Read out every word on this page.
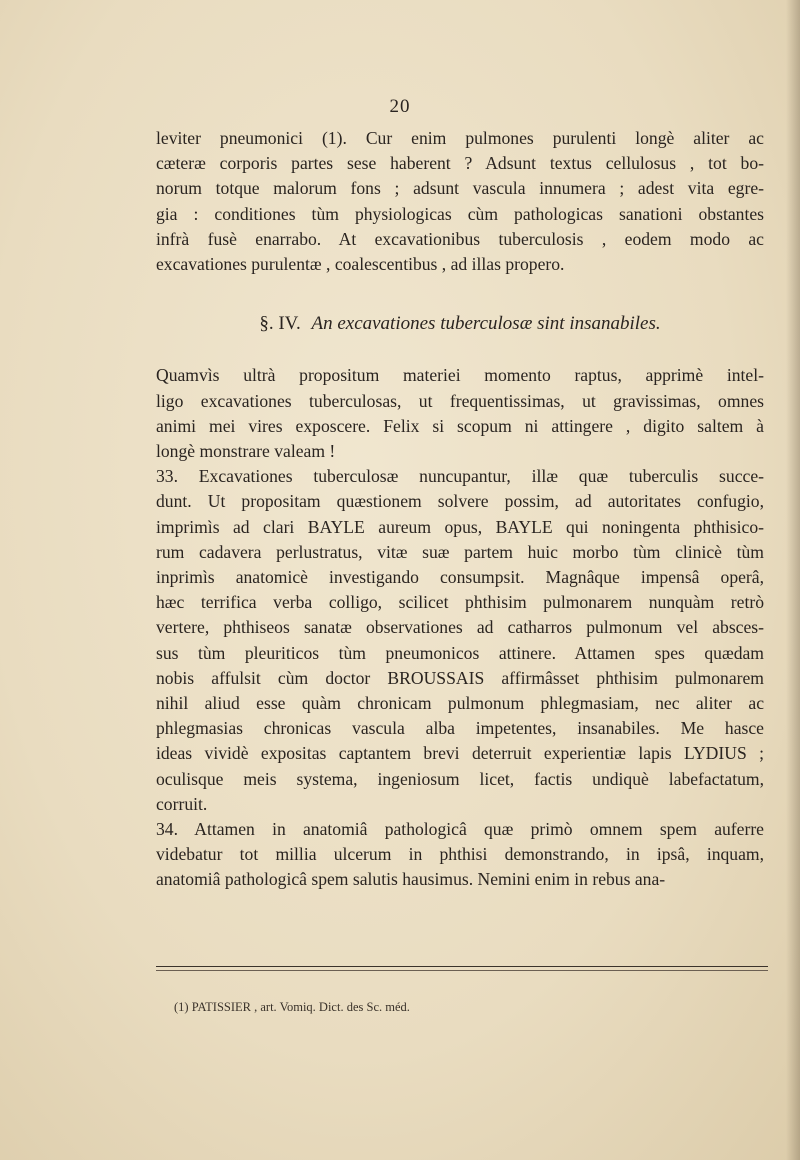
20
leviter pneumonici (1). Cur enim pulmones purulenti longè aliter ac
cæteræ corporis partes sese haberent ? Adsunt textus cellulosus , tot bo-
norum totque malorum fons ; adsunt vascula innumera ; adest vita egre-
gia : conditiones tùm physiologicas cùm pathologicas sanationi obstantes
infrà fusè enarrabo. At excavationibus tuberculosis , eodem modo ac
excavationes purulentæ , coalescentibus , ad illas propero.
§. IV. An excavationes tuberculosæ sint insanabiles.
Quamvìs ultrà propositum materiei momento raptus, apprimè intel-
ligo excavationes tuberculosas, ut frequentissimas, ut gravissimas, omnes
animi mei vires exposcere. Felix si scopum ni attingere , digito saltem à
longè monstrare valeam !
33. Excavationes tuberculosæ nuncupantur, illæ quæ tuberculis succe-
dunt. Ut propositam quæstionem solvere possim, ad autoritates confugio,
imprimìs ad clari BAYLE aureum opus, BAYLE qui noningenta phthisico-
rum cadavera perlustratus, vitæ suæ partem huic morbo tùm clinicè tùm
inprimìs anatomicè investigando consumpsit. Magnâque impensâ operâ,
hæc terrifica verba colligo, scilicet phthisim pulmonarem nunquàm retrò
vertere, phthiseos sanatæ observationes ad catharros pulmonum vel absces-
sus tùm pleuriticos tùm pneumonicos attinere. Attamen spes quædam
nobis affulsit cùm doctor BROUSSAIS affirmâsset phthisim pulmonarem
nihil aliud esse quàm chronicam pulmonum phlegmasiam, nec aliter ac
phlegmasias chronicas vascula alba impetentes, insanabiles. Me hasce
ideas vividè expositas captantem brevi deterruit experientiæ lapis LYDIUS ;
oculisque meis systema, ingeniosum licet, factis undiquè labefactatum,
corruit.
34. Attamen in anatomiâ pathologicâ quæ primò omnem spem auferre
videbatur tot millia ulcerum in phthisi demonstrando, in ipsâ, inquam,
anatomiâ pathologicâ spem salutis hausimus. Nemini enim in rebus ana-
(1) PATISSIER , art. Vomiq. Dict. des Sc. méd.
